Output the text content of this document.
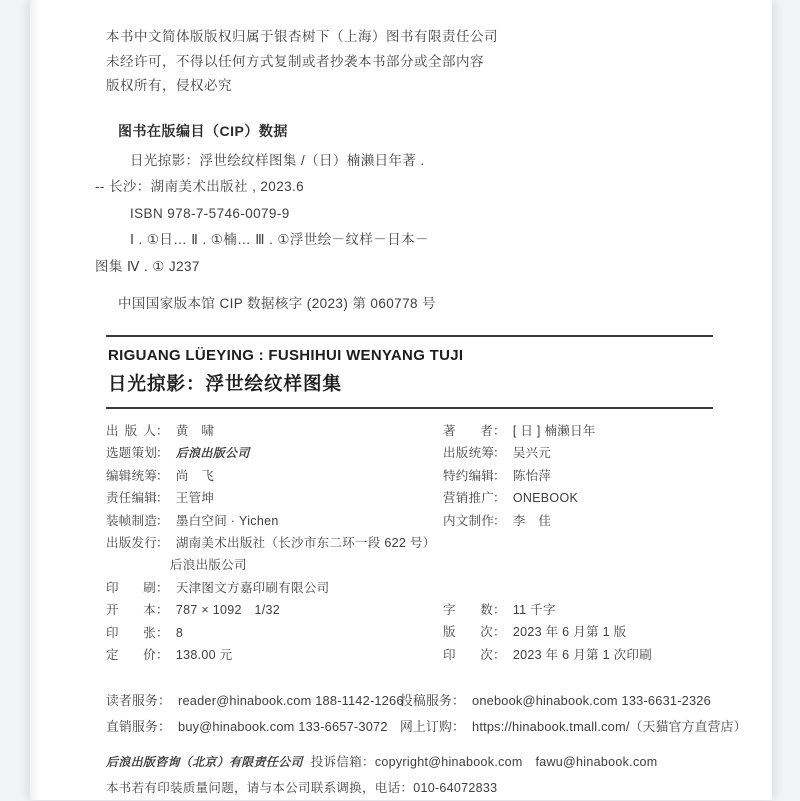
本书中文简体版版权归属于银杏树下（上海）图书有限责任公司
未经许可，不得以任何方式复制或者抄袭本书部分或全部内容
版权所有，侵权必究
图书在版编目（CIP）数据
日光掠影：浮世绘纹样图集 /（日）楠濑日年著 .
-- 长沙：湖南美术出版社 , 2023.6
ISBN 978-7-5746-0079-9
Ⅰ . ①日… Ⅱ . ①楠… Ⅲ . ①浮世绘－纹样－日本－
图集 Ⅳ . ① J237
中国国家版本馆 CIP 数据核字 (2023) 第 060778 号
RIGUANG LÜEYING : FUSHIHUI WENYANG TUJI
日光掠影：浮世绘纹样图集
出版人： 黄　啸
选题策划： 后浪出版公司
编辑统筹： 尚　飞
责任编辑： 王管坤
装帧制造： 墨白空间 · Yichen
出版发行： 湖南美术出版社（长沙市东二环一段 622 号）
后浪出版公司
印刷： 天津图文方嘉印刷有限公司
开本： 787 × 1092　1/32
印张： 8
定价： 138.00 元
著者： [ 日 ] 楠濑日年
出版统筹： 吴兴元
特约编辑： 陈怡萍
营销推广： ONEBOOK
内文制作： 李　佳
字数： 11 千字
版次： 2023 年 6 月第 1 版
印次： 2023 年 6 月第 1 次印刷
读者服务： reader@hinabook.com 188-1142-1266
投稿服务： onebook@hinabook.com 133-6631-2326
直销服务： buy@hinabook.com 133-6657-3072 网上订购： https://hinabook.tmall.com/（天猫官方直营店）
后浪出版咨询（北京）有限责任公司 投诉信箱：copyright@hinabook.com　fawu@hinabook.com
本书若有印装质量问题，请与本公司联系调换，电话：010-64072833
